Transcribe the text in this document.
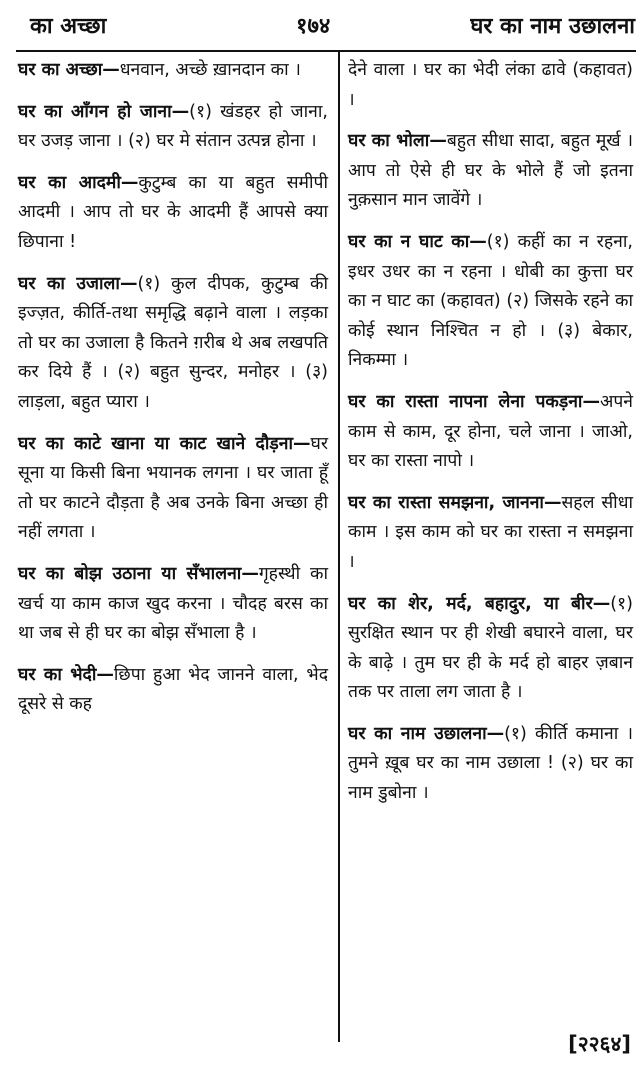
का अच्छा	१७४	घर का नाम उछालना
घर का अच्छा—धनवान, अच्छे ख़ानदान का ।
घर का आँगन हो जाना—(१) खंडहर हो जाना, घर उजड़ जाना । (२) घर मे संतान उत्पन्न होना ।
घर का आदमी—कुटुम्ब का या बहुत समीपी आदमी । आप तो घर के आदमी हैं आपसे क्या छिपाना !
घर का उजाला—(१) कुल दीपक, कुटुम्ब की इज्ज़त, कीर्ति-तथा समृद्धि बढ़ाने वाला । लड़का तो घर का उजाला है कितने ग़रीब थे अब लखपति कर दिये हैं । (२) बहुत सुन्दर, मनोहर । (३) लाड़ला, बहुत प्यारा ।
घर का काटे खाना या काट खाने दौड़ना—घर सूना या किसी बिना भयानक लगना । घर जाता हूँ तो घर काटने दौड़ता है अब उनके बिना अच्छा ही नहीं लगता ।
घर का बोझ उठाना या सँभालना—गृहस्थी का खर्च या काम काज खुद करना । चौदह बरस का था जब से ही घर का बोझ सँभाला है ।
घर का भेदी—छिपा हुआ भेद जानने वाला, भेद दूसरे से कह
देने वाला । घर का भेदी लंका ढावे (कहावत) ।
घर का भोला—बहुत सीधा सादा, बहुत मूर्ख । आप तो ऐसे ही घर के भोले हैं जो इतना नुक़सान मान जावेंगे ।
घर का न घाट का—(१) कहीं का न रहना, इधर उधर का न रहना । धोबी का कुत्ता घर का न घाट का (कहावत) (२) जिसके रहने का कोई स्थान निश्चित न हो । (३) बेकार, निकम्मा ।
घर का रास्ता नापना लेना पकड़ना—अपने काम से काम, दूर होना, चले जाना । जाओ, घर का रास्ता नापो ।
घर का रास्ता समझना, जानना—सहल सीधा काम । इस काम को घर का रास्ता न समझना ।
घर का शेर, मर्द, बहादुर, या बीर—(१) सुरक्षित स्थान पर ही शेखी बघारने वाला, घर के बाढ़े । तुम घर ही के मर्द हो बाहर ज़बान तक पर ताला लग जाता है ।
घर का नाम उछालना—(१) कीर्ति कमाना । तुमने ख़ूब घर का नाम उछाला ! (२) घर का नाम डुबोना ।
[२२६४]
